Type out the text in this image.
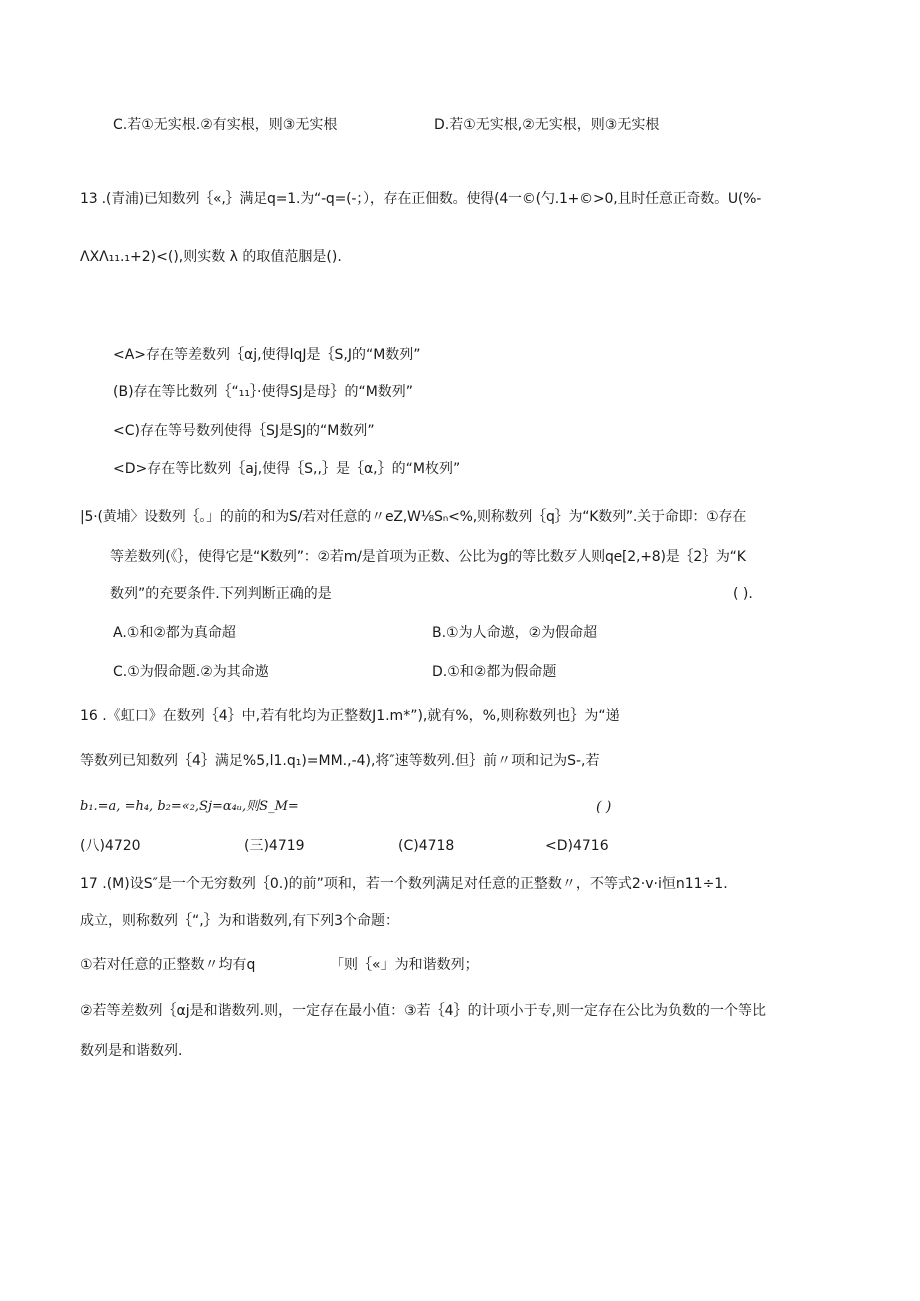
C.若①无实根.②有实根，则③无实根	D.若①无实根,②无实根，则③无实根
13 .(青浦)已知数列｛«,｝满足q=1.为“-q=(-；），存在正佃数。使得(4一©(勺.1+©>0,且时任意正奇数。U(%-
ΛXΛ₁₁.₁+2)<(),则实数 λ 的取值范胭是().
<A>存在等差数列｛αj,使得lqJ是｛S,J的“M数列”
(B)存在等比数列｛“₁₁｝·使得SJ是母｝的“M数列”
<C)存在等号数列使得｛SJ是SJ的“M数列”
<D>存在等比数列｛aj,使得｛S,,｝是｛α,｝的“M枚列”
|5·(黄埔〉设数列｛。」的前的和为S/若对任意的〃eZ,W⅛Sₙ<%,则称数列｛q｝为“K数列”.关于命即：①存在
等差数列(《｝，使得它是“K数列”：②若m/是首项为正数、公比为g的等比数歹人则qe[2,+8)是｛2｝为“K
数列”的充要条件.下列判断正确的是	( ).
A.①和②都为真命超	B.①为人命遨，②为假命超
C.①为假命题.②为其命遨	D.①和②都为假命题
16 .《虹口》在数列｛4｝中,若有牝均为正整数J1.m*”),就有%，%,则称数列也｝为“递
等数列已知数列｛4｝满足%5,l1.q₁)=MM.,-4),将″速等数列.但｝前〃项和记为S-,若
b₁.=a, =h₄, b₂=«₂,Sj=α₄ᵤ,则S_M=	( )
(八)4720	(三)4719	(C)4718	<D)4716
17 .(M)设S″是一个无穷数列｛0.)的前”项和，若一个数列满足对任意的正整数〃，不等式2·v·i恒n11÷1.
成立，则称数列｛“,｝为和谐数列,有下列3个命题：
①若对任意的正整数〃均有q	「则｛«」为和谐数列；
②若等差数列｛αj是和谐数列.则，一定存在最小值：③若｛4｝的计项小于专,则一定存在公比为负数的一个等比
数列是和谐数列.
